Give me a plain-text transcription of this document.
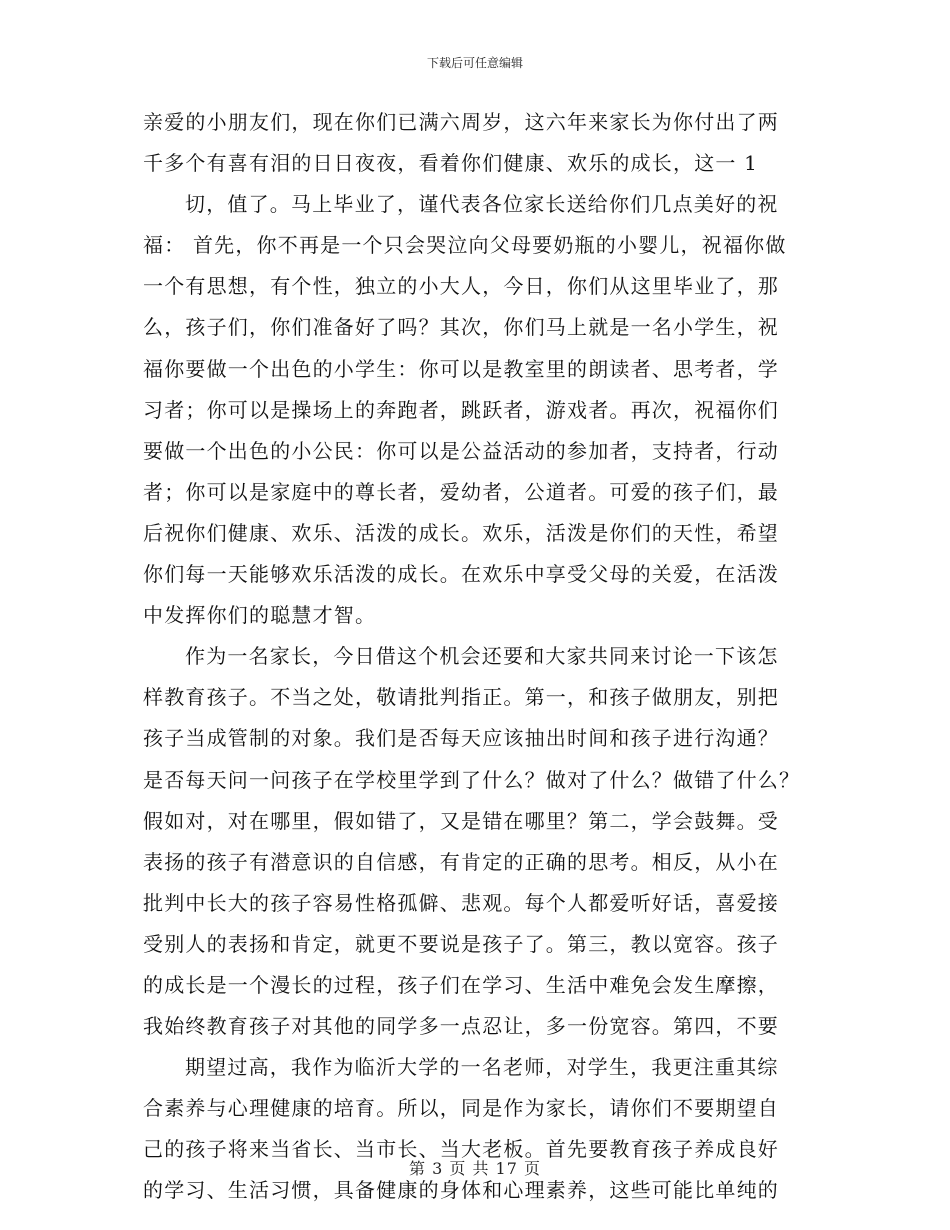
下载后可任意编辑
亲爱的小朋友们，现在你们已满六周岁，这六年来家长为你付出了两
千多个有喜有泪的日日夜夜，看着你们健康、欢乐的成长，这一 1
切，值了。马上毕业了，谨代表各位家长送给你们几点美好的祝
福： 首先，你不再是一个只会哭泣向父母要奶瓶的小婴儿，祝福你做
一个有思想，有个性，独立的小大人，今日，你们从这里毕业了，那
么，孩子们，你们准备好了吗？其次，你们马上就是一名小学生，祝
福你要做一个出色的小学生：你可以是教室里的朗读者、思考者，学
习者；你可以是操场上的奔跑者，跳跃者，游戏者。再次，祝福你们
要做一个出色的小公民：你可以是公益活动的参加者，支持者，行动
者；你可以是家庭中的尊长者，爱幼者，公道者。可爱的孩子们，最
后祝你们健康、欢乐、活泼的成长。欢乐，活泼是你们的天性，希望
你们每一天能够欢乐活泼的成长。在欢乐中享受父母的关爱，在活泼
中发挥你们的聪慧才智。
作为一名家长，今日借这个机会还要和大家共同来讨论一下该怎
样教育孩子。不当之处，敬请批判指正。第一，和孩子做朋友，别把
孩子当成管制的对象。我们是否每天应该抽出时间和孩子进行沟通？
是否每天问一问孩子在学校里学到了什么？做对了什么？做错了什么？
假如对，对在哪里，假如错了，又是错在哪里？第二，学会鼓舞。受
表扬的孩子有潜意识的自信感，有肯定的正确的思考。相反，从小在
批判中长大的孩子容易性格孤僻、悲观。每个人都爱听好话，喜爱接
受别人的表扬和肯定，就更不要说是孩子了。第三，教以宽容。孩子
的成长是一个漫长的过程，孩子们在学习、生活中难免会发生摩擦，
我始终教育孩子对其他的同学多一点忍让，多一份宽容。第四，不要
期望过高，我作为临沂大学的一名老师，对学生，我更注重其综
合素养与心理健康的培育。所以，同是作为家长，请你们不要期望自
己的孩子将来当省长、当市长、当大老板。首先要教育孩子养成良好
的学习、生活习惯，具备健康的身体和心理素养，这些可能比单纯的
第 3 页 共 17 页
